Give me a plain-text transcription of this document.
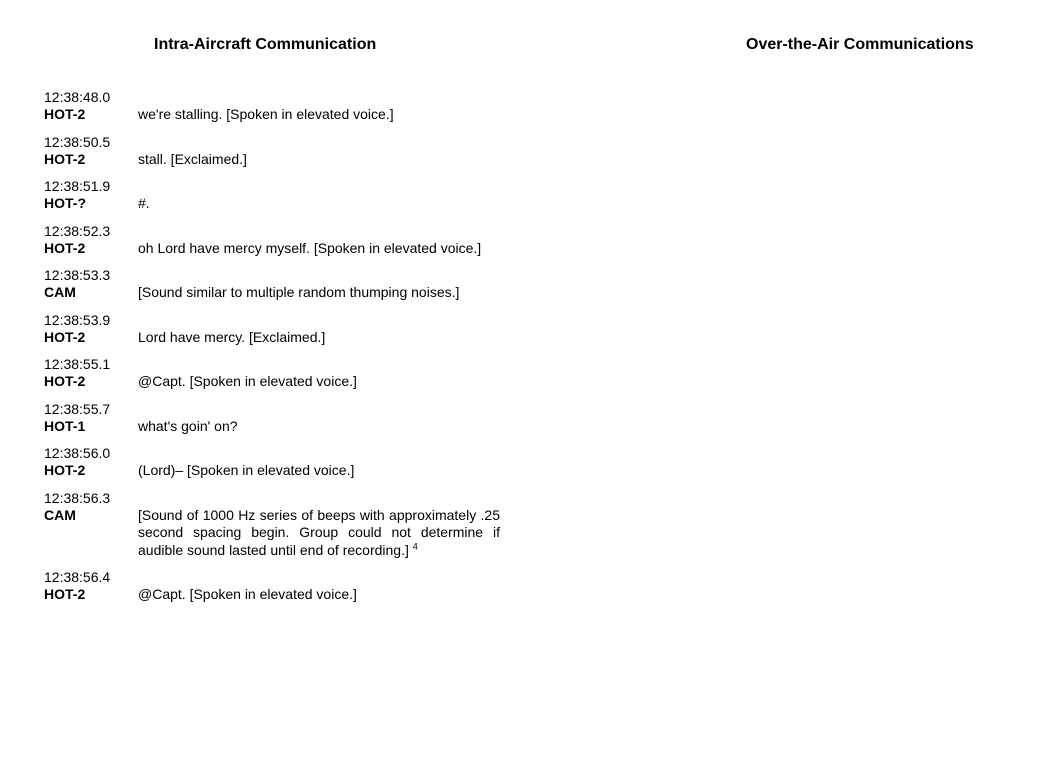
Intra-Aircraft Communication	Over-the-Air Communications
12:38:48.0
HOT-2	we're stalling. [Spoken in elevated voice.]
12:38:50.5
HOT-2	stall. [Exclaimed.]
12:38:51.9
HOT-?	#.
12:38:52.3
HOT-2	oh Lord have mercy myself. [Spoken in elevated voice.]
12:38:53.3
CAM	[Sound similar to multiple random thumping noises.]
12:38:53.9
HOT-2	Lord have mercy. [Exclaimed.]
12:38:55.1
HOT-2	@Capt. [Spoken in elevated voice.]
12:38:55.7
HOT-1	what's goin' on?
12:38:56.0
HOT-2	(Lord)– [Spoken in elevated voice.]
12:38:56.3
CAM	[Sound of 1000 Hz series of beeps with approximately .25 second spacing begin. Group could not determine if audible sound lasted until end of recording.] $^4$
12:38:56.4
HOT-2	@Capt. [Spoken in elevated voice.]
